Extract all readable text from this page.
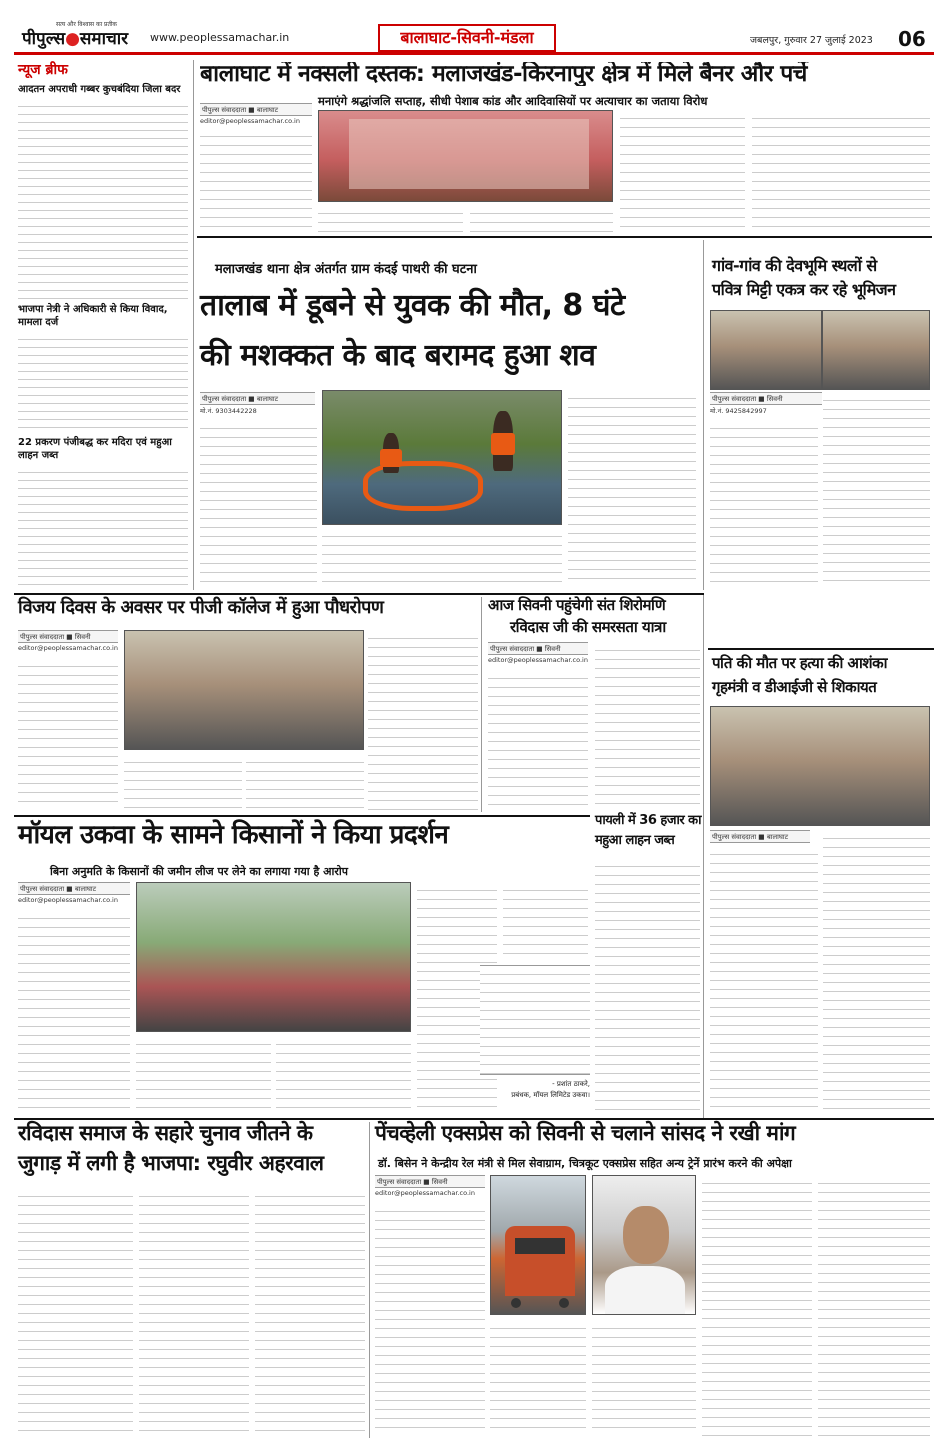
पीपुल्स●समाचार
सत्य और विश्वास का प्रतीक
www.peoplessamachar.in	बालाघाट-सिवनी-मंडला	जबलपुर, गुरुवार 27 जुलाई 2023 06
न्यूज ब्रीफ
आदतन अपराधी गब्बर कुचबंदिया जिला बदर
भाजपा नेत्री ने अधिकारी से किया विवाद, मामला दर्ज
22 प्रकरण पंजीबद्ध कर मदिरा एवं महुआ लाहन जब्त
बालाघाट में नक्सली दस्तक: मलाजखंड-किरनापुर क्षेत्र में मिले बैनर और पर्चे
पीपुल्स संवाददाता ■ बालाघाट
editor@peoplessamachar.co.in
मनाएंगे श्रद्धांजलि सप्ताह, सीधी पेशाब कांड और आदिवासियों पर अत्याचार का जताया विरोध
मलाजखंड थाना क्षेत्र अंतर्गत ग्राम कंदई पाथरी की घटना
तालाब में डूबने से युवक की मौत, 8 घंटे
की मशक्कत के बाद बरामद हुआ शव
पीपुल्स संवाददाता ■ बालाघाट
मो.नं. 9303442228
गांव-गांव की देवभूमि स्थलों से
पवित्र मिट्टी एकत्र कर रहे भूमिजन
पीपुल्स संवाददाता ■ सिवनी
मो.नं. 9425842997
विजय दिवस के अवसर पर पीजी कॉलेज में हुआ पौधरोपण
पीपुल्स संवाददाता ■ सिवनी
editor@peoplessamachar.co.in
आज सिवनी पहुंचेगी संत शिरोमणि
रविदास जी की समरसता यात्रा
पीपुल्स संवाददाता ■ सिवनी
editor@peoplessamachar.co.in	पति की मौत पर हत्या की आशंका
गृहमंत्री व डीआईजी से शिकायत
पीपुल्स संवाददाता ■ बालाघाट
मॉयल उकवा के सामने किसानों ने किया प्रदर्शन
बिना अनुमति के किसानों की जमीन लीज पर लेने का लगाया गया है आरोप
पीपुल्स संवाददाता ■ बालाघाट
editor@peoplessamachar.co.in
- प्रशांत ठाकरे,
प्रबंधक, मॉयल लिमिटेड उकवा।
पायली में 36 हजार का
महुआ लाहन जब्त
रविदास समाज के सहारे चुनाव जीतने के
जुगाड़ में लगी है भाजपा: रघुवीर अहरवाल
पेंचव्हेली एक्सप्रेस को सिवनी से चलाने सांसद ने रखी मांग
डॉ. बिसेन ने केन्द्रीय रेल मंत्री से मिल सेवाग्राम, चित्रकूट एक्सप्रेस सहित अन्य ट्रेनें प्रारंभ करने की अपेक्षा
पीपुल्स संवाददाता ■ सिवनी
editor@peoplessamachar.co.in
